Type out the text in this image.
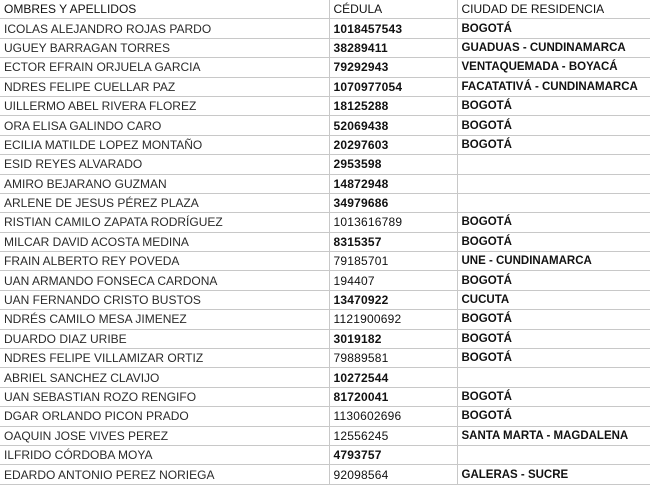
OMBRES Y APELLIDOS	CÉDULA	CIUDAD DE RESIDENCIA
ICOLAS ALEJANDRO ROJAS PARDO	1018457543	BOGOTÁ
UGUEY BARRAGAN TORRES	38289411	GUADUAS - CUNDINAMARCA
ECTOR EFRAIN ORJUELA GARCIA	79292943	VENTAQUEMADA - BOYACÁ
NDRES FELIPE CUELLAR PAZ	1070977054	FACATATIVÁ - CUNDINAMARCA
UILLERMO ABEL RIVERA FLOREZ	18125288	BOGOTÁ
ORA ELISA GALINDO CARO	52069438	BOGOTÁ
ECILIA MATILDE LOPEZ MONTAÑO	20297603	BOGOTÁ
ESID REYES ALVARADO	2953598	
AMIRO BEJARANO GUZMAN	14872948	
ARLENE DE JESUS PÉREZ PLAZA	34979686	
RISTIAN CAMILO ZAPATA RODRÍGUEZ	1013616789	BOGOTÁ
MILCAR DAVID ACOSTA MEDINA	8315357	BOGOTÁ
FRAIN ALBERTO REY POVEDA	79185701	UNE - CUNDINAMARCA
UAN ARMANDO FONSECA CARDONA	194407	BOGOTÁ
UAN FERNANDO CRISTO BUSTOS	13470922	CUCUTA
NDRÉS CAMILO MESA JIMENEZ	1121900692	BOGOTÁ
DUARDO DIAZ URIBE	3019182	BOGOTÁ
NDRES FELIPE VILLAMIZAR ORTIZ	79889581	BOGOTÁ
ABRIEL SANCHEZ CLAVIJO	10272544	
UAN SEBASTIAN ROZO RENGIFO	81720041	BOGOTÁ
DGAR ORLANDO PICON PRADO	1130602696	BOGOTÁ
OAQUIN JOSE VIVES PEREZ	12556245	SANTA MARTA - MAGDALENA
ILFRIDO CÓRDOBA MOYA	4793757	
EDARDO ANTONIO PEREZ NORIEGA	92098564	GALERAS - SUCRE
